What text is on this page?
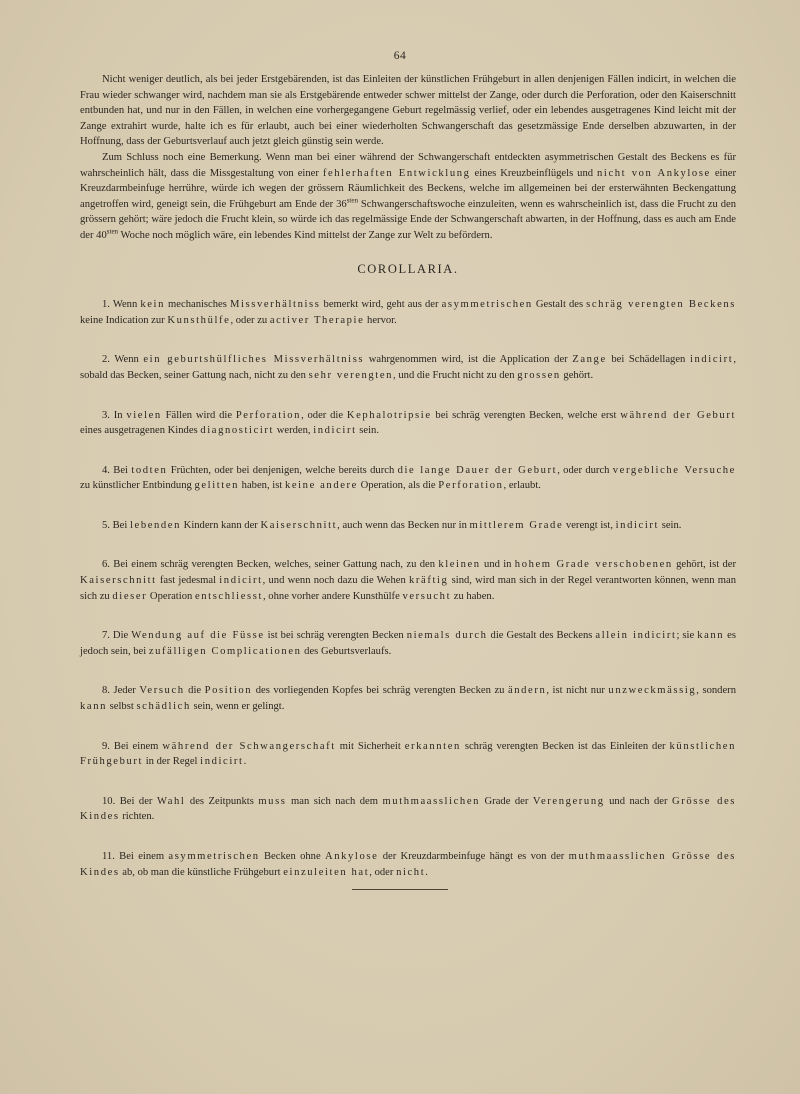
64

Nicht weniger deutlich, als bei jeder Erstgebärenden, ist das Einleiten der künstlichen Frühgeburt in allen denjenigen Fällen indicirt, in welchen die Frau wieder schwanger wird, nachdem man sie als Erstgebärende entweder schwer mittelst der Zange, oder durch die Perforation, oder den Kaiserschnitt entbunden hat, und nur in den Fällen, in welchen eine vorhergegangene Geburt regelmässig verlief, oder ein lebendes ausgetragenes Kind leicht mit der Zange extrahirt wurde, halte ich es für erlaubt, auch bei einer wiederholten Schwangerschaft das gesetzmässige Ende derselben abzuwarten, in der Hoffnung, dass der Geburtsverlauf auch jetzt gleich günstig sein werde.

Zum Schluss noch eine Bemerkung. Wenn man bei einer während der Schwangerschaft entdeckten asymmetrischen Gestalt des Beckens es für wahrscheinlich hält, dass die Missgestaltung von einer fehlerhaften Entwicklung eines Kreuzbeinflügels und nicht von Ankylose einer Kreuzdarmbeinfuge herrühre, würde ich wegen der grössern Räumlichkeit des Beckens, welche im allgemeinen bei der ersterwähnten Beckengattung angetroffen wird, geneigt sein, die Frühgeburt am Ende der $36^{sten}$ Schwangerschaftswoche einzuleiten, wenn es wahrscheinlich ist, dass die Frucht zu den grössern gehört; wäre jedoch die Frucht klein, so würde ich das regelmässige Ende der Schwangerschaft abwarten, in der Hoffnung, dass es auch am Ende der $40^{sten}$ Woche noch möglich wäre, ein lebendes Kind mittelst der Zange zur Welt zu befördern.

COROLLARIA.

1. Wenn kein mechanisches Missverhältniss bemerkt wird, geht aus der asymmetrischen Gestalt des schräg verengten Beckens keine Indication zur Kunsthülfe, oder zu activer Therapie hervor.

2. Wenn ein geburtshülfliches Missverhältniss wahrgenommen wird, ist die Application der Zange bei Schädellagen indicirt, sobald das Becken, seiner Gattung nach, nicht zu den sehr verengten, und die Frucht nicht zu den grossen gehört.

3. In vielen Fällen wird die Perforation, oder die Kephalotripsie bei schräg verengten Becken, welche erst während der Geburt eines ausgetragenen Kindes diagnosticirt werden, indicirt sein.

4. Bei todten Früchten, oder bei denjenigen, welche bereits durch die lange Dauer der Geburt, oder durch vergebliche Versuche zu künstlicher Entbindung gelitten haben, ist keine andere Operation, als die Perforation, erlaubt.

5. Bei lebenden Kindern kann der Kaiserschnitt, auch wenn das Becken nur in mittlerem Grade verengt ist, indicirt sein.

6. Bei einem schräg verengten Becken, welches, seiner Gattung nach, zu den kleinen und in hohem Grade verschobenen gehört, ist der Kaiserschnitt fast jedesmal indicirt, und wenn noch dazu die Wehen kräftig sind, wird man sich in der Regel verantworten können, wenn man sich zu dieser Operation entschliesst, ohne vorher andere Kunsthülfe versucht zu haben.

7. Die Wendung auf die Füsse ist bei schräg verengten Becken niemals durch die Gestalt des Beckens allein indicirt; sie kann es jedoch sein, bei zufälligen Complicationen des Geburtsverlaufs.

8. Jeder Versuch die Position des vorliegenden Kopfes bei schräg verengten Becken zu ändern, ist nicht nur unzweckmässig, sondern kann selbst schädlich sein, wenn er gelingt.

9. Bei einem während der Schwangerschaft mit Sicherheit erkannten schräg verengten Becken ist das Einleiten der künstlichen Frühgeburt in der Regel indicirt.

10. Bei der Wahl des Zeitpunkts muss man sich nach dem muthmaasslichen Grade der Verengerung und nach der Grösse des Kindes richten.

11. Bei einem asymmetrischen Becken ohne Ankylose der Kreuzdarmbeinfuge hängt es von der muthmaasslichen Grösse des Kindes ab, ob man die künstliche Frühgeburt einzuleiten hat, oder nicht.
